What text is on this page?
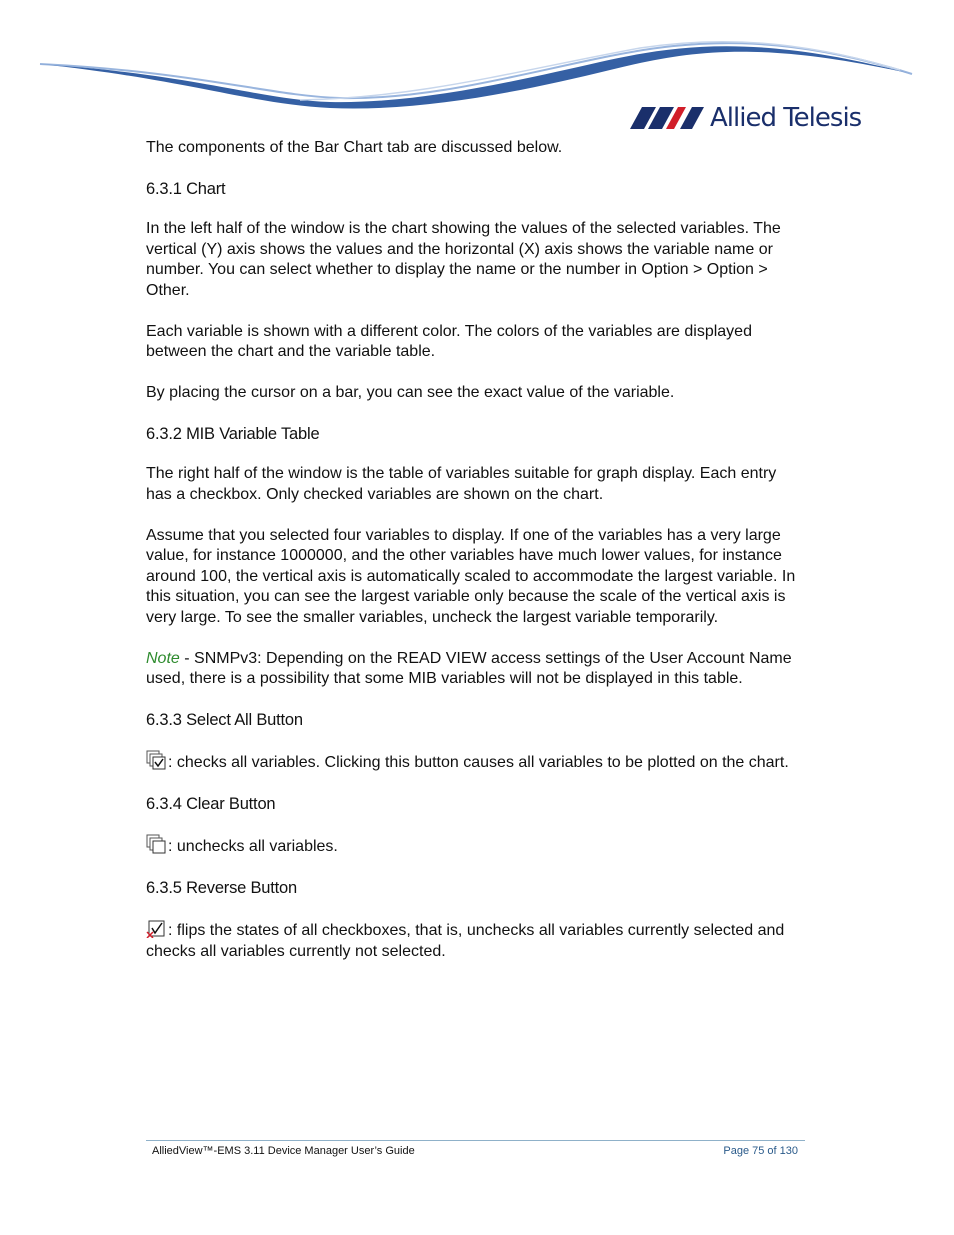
Allied Telesis

The components of the Bar Chart tab are discussed below.

6.3.1 Chart

In the left half of the window is the chart showing the values of the selected variables. The vertical (Y) axis shows the values and the horizontal (X) axis shows the variable name or number. You can select whether to display the name or the number in Option > Option > Other.

Each variable is shown with a different color. The colors of the variables are displayed between the chart and the variable table.

By placing the cursor on a bar, you can see the exact value of the variable.

6.3.2 MIB Variable Table

The right half of the window is the table of variables suitable for graph display. Each entry has a checkbox. Only checked variables are shown on the chart.

Assume that you selected four variables to display. If one of the variables has a very large value, for instance 1000000, and the other variables have much lower values, for instance around 100, the vertical axis is automatically scaled to accommodate the largest variable. In this situation, you can see the largest variable only because the scale of the vertical axis is very large. To see the smaller variables, uncheck the largest variable temporarily.

Note - SNMPv3: Depending on the READ VIEW access settings of the User Account Name used, there is a possibility that some MIB variables will not be displayed in this table.

6.3.3 Select All Button

: checks all variables. Clicking this button causes all variables to be plotted on the chart.

6.3.4 Clear Button

: unchecks all variables.

6.3.5 Reverse Button

: flips the states of all checkboxes, that is, unchecks all variables currently selected and checks all variables currently not selected.

AlliedView™-EMS 3.11 Device Manager User’s Guide	Page 75 of 130
